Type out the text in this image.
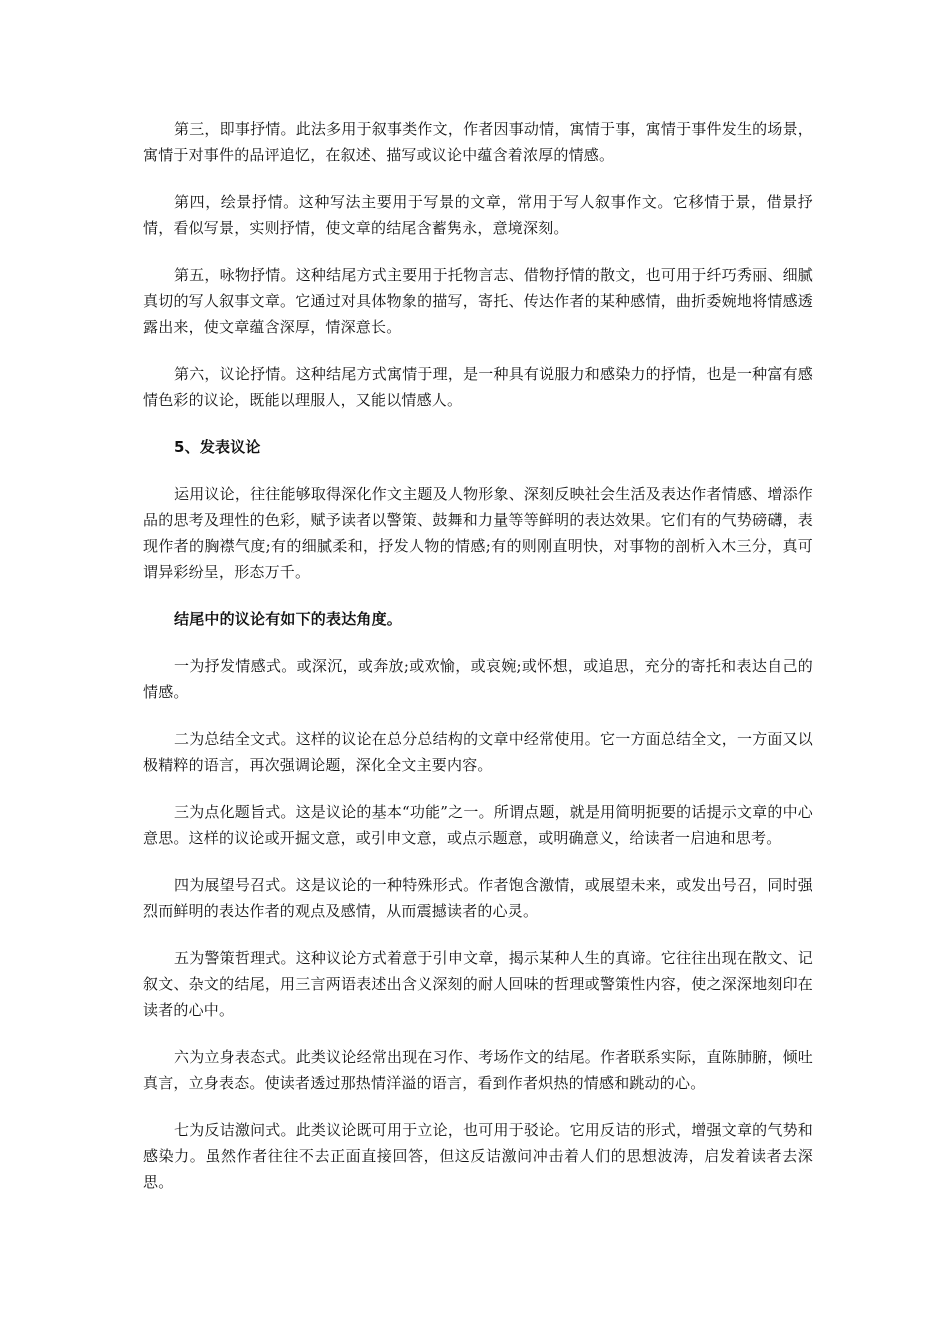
第三，即事抒情。此法多用于叙事类作文，作者因事动情，寓情于事，寓情于事件发生的场景，寓情于对事件的品评追忆，在叙述、描写或议论中蕴含着浓厚的情感。

第四，绘景抒情。这种写法主要用于写景的文章，常用于写人叙事作文。它移情于景，借景抒情，看似写景，实则抒情，使文章的结尾含蓄隽永，意境深刻。

第五，咏物抒情。这种结尾方式主要用于托物言志、借物抒情的散文，也可用于纤巧秀丽、细腻真切的写人叙事文章。它通过对具体物象的描写，寄托、传达作者的某种感情，曲折委婉地将情感透露出来，使文章蕴含深厚，情深意长。

第六，议论抒情。这种结尾方式寓情于理，是一种具有说服力和感染力的抒情，也是一种富有感情色彩的议论，既能以理服人，又能以情感人。

5、发表议论

运用议论，往往能够取得深化作文主题及人物形象、深刻反映社会生活及表达作者情感、增添作品的思考及理性的色彩，赋予读者以警策、鼓舞和力量等等鲜明的表达效果。它们有的气势磅礴，表现作者的胸襟气度;有的细腻柔和，抒发人物的情感;有的则刚直明快，对事物的剖析入木三分，真可谓异彩纷呈，形态万千。

结尾中的议论有如下的表达角度。

一为抒发情感式。或深沉，或奔放;或欢愉，或哀婉;或怀想，或追思，充分的寄托和表达自己的情感。

二为总结全文式。这样的议论在总分总结构的文章中经常使用。它一方面总结全文，一方面又以极精粹的语言，再次强调论题，深化全文主要内容。

三为点化题旨式。这是议论的基本“功能”之一。所谓点题，就是用简明扼要的话提示文章的中心意思。这样的议论或开掘文意，或引申文意，或点示题意，或明确意义，给读者一启迪和思考。

四为展望号召式。这是议论的一种特殊形式。作者饱含激情，或展望未来，或发出号召，同时强烈而鲜明的表达作者的观点及感情，从而震撼读者的心灵。

五为警策哲理式。这种议论方式着意于引申文章，揭示某种人生的真谛。它往往出现在散文、记叙文、杂文的结尾，用三言两语表述出含义深刻的耐人回味的哲理或警策性内容，使之深深地刻印在读者的心中。

六为立身表态式。此类议论经常出现在习作、考场作文的结尾。作者联系实际，直陈肺腑，倾吐真言，立身表态。使读者透过那热情洋溢的语言，看到作者炽热的情感和跳动的心。

七为反诘激问式。此类议论既可用于立论，也可用于驳论。它用反诘的形式，增强文章的气势和感染力。虽然作者往往不去正面直接回答，但这反诘激问冲击着人们的思想波涛，启发着读者去深思。
